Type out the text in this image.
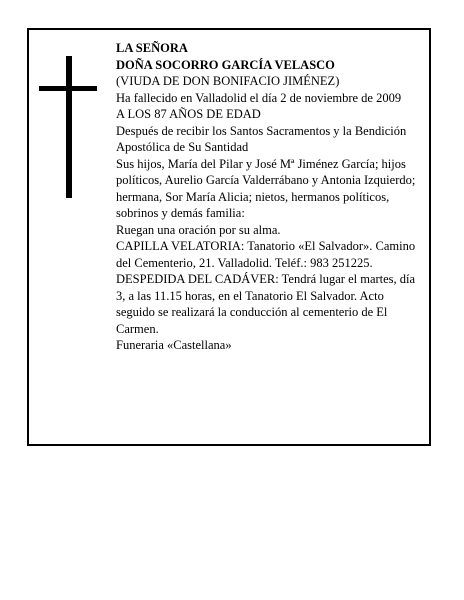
LA SEÑORA

DOÑA SOCORRO GARCÍA VELASCO

(VIUDA DE DON BONIFACIO JIMÉNEZ)

Ha fallecido en Valladolid el día 2 de noviembre de 2009

A LOS 87 AÑOS DE EDAD

Después de recibir los Santos Sacramentos y la Bendición Apostólica de Su Santidad

Sus hijos, María del Pilar y José Mª Jiménez García; hijos políticos, Aurelio García Valderrábano y Antonia Izquierdo; hermana, Sor María Alicia; nietos, hermanos políticos, sobrinos y demás familia:

Ruegan una oración por su alma.

CAPILLA VELATORIA: Tanatorio «El Salvador». Camino del Cementerio, 21. Valladolid. Teléf.: 983 251225.

DESPEDIDA DEL CADÁVER: Tendrá lugar el martes, día 3, a las 11.15 horas, en el Tanatorio El Salvador. Acto seguido se realizará la conducción al cementerio de El Carmen.

Funeraria «Castellana»
